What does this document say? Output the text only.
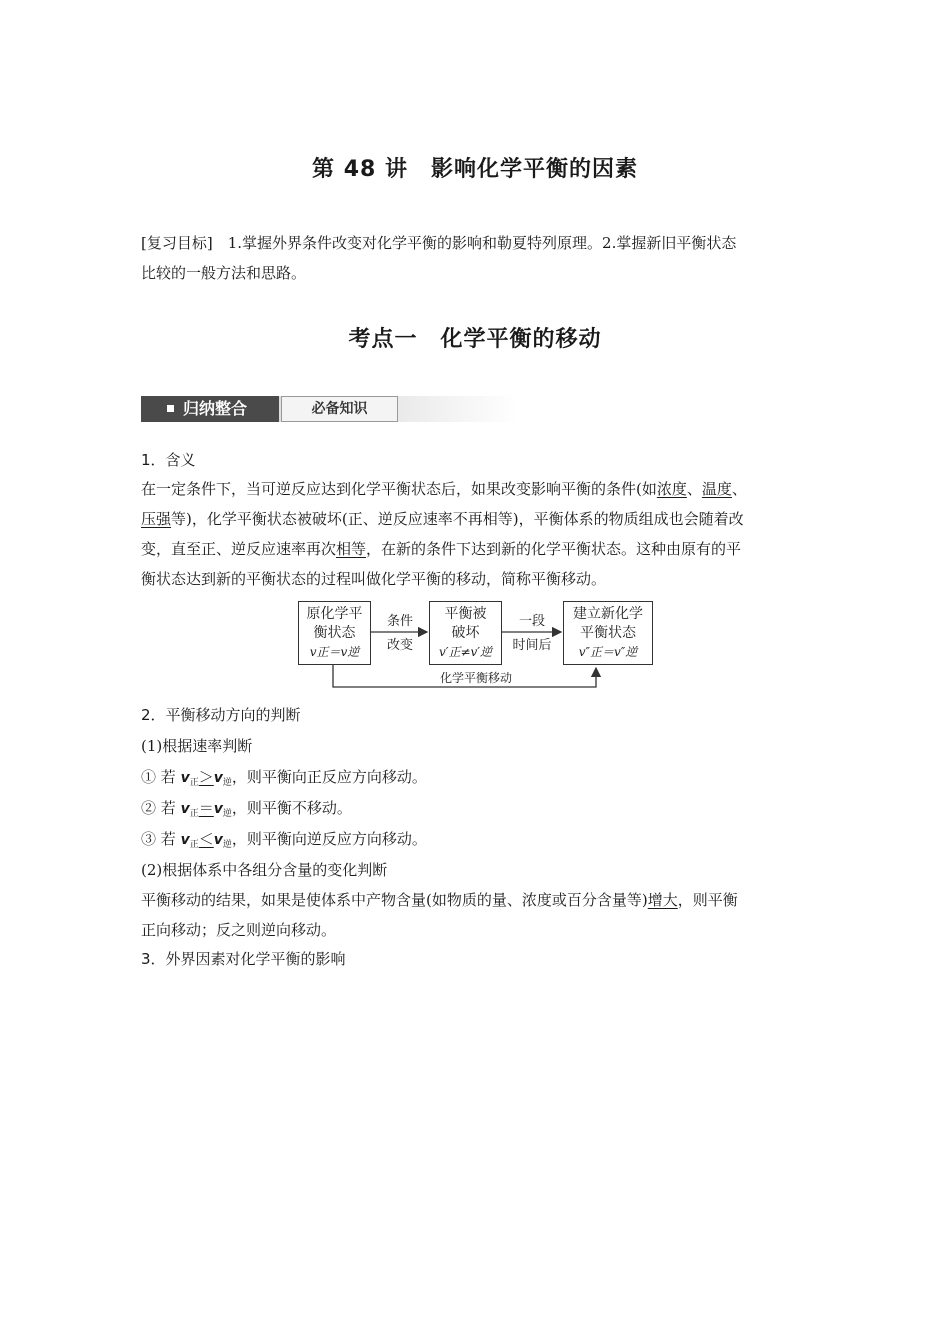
第 48 讲　影响化学平衡的因素
[复习目标]　1.掌握外界条件改变对化学平衡的影响和勒夏特列原理。2.掌握新旧平衡状态
比较的一般方法和思路。
考点一　化学平衡的移动
归纳整合	必备知识
1．含义
在一定条件下，当可逆反应达到化学平衡状态后，如果改变影响平衡的条件(如浓度、温度、
压强等)，化学平衡状态被破坏(正、逆反应速率不再相等)，平衡体系的物质组成也会随着改
变，直至正、逆反应速率再次相等，在新的条件下达到新的化学平衡状态。这种由原有的平
衡状态达到新的平衡状态的过程叫做化学平衡的移动，简称平衡移动。
原化学平
衡状态
v正＝v逆
条件
改变
平衡被
破坏
v′正≠v′逆
一段
时间后
建立新化学
平衡状态
v″正＝v″逆
化学平衡移动
2．平衡移动方向的判断
(1)根据速率判断
① 若 $v_正>v_逆$，则平衡向正反应方向移动。
② 若 $v_正=v_逆$，则平衡不移动。
③ 若 $v_正<v_逆$，则平衡向逆反应方向移动。
(2)根据体系中各组分含量的变化判断
平衡移动的结果，如果是使体系中产物含量(如物质的量、浓度或百分含量等)增大，则平衡
正向移动；反之则逆向移动。
3．外界因素对化学平衡的影响
